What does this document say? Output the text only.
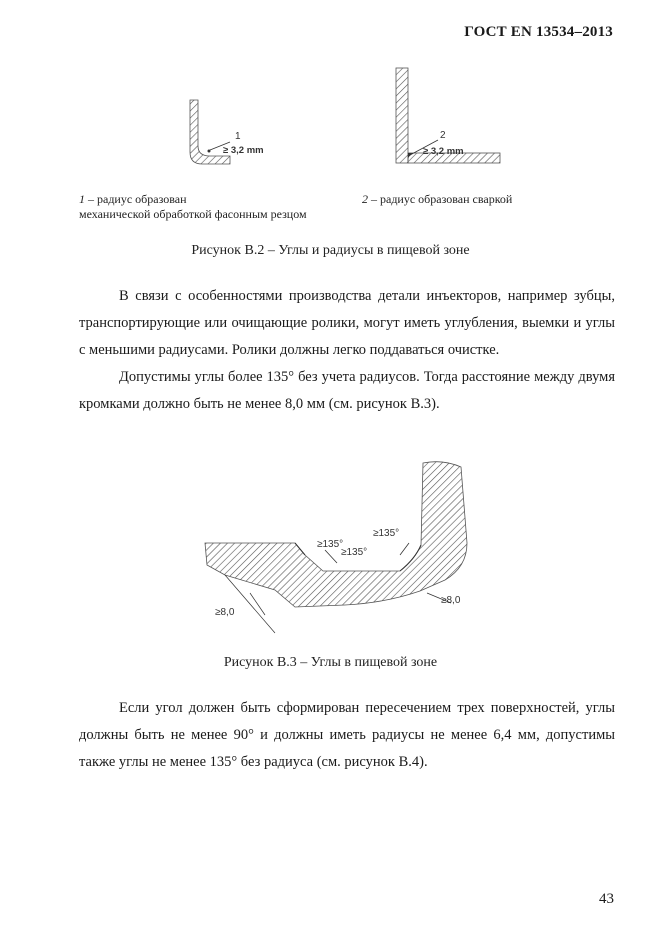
ГОСТ EN 13534–2013
1
≥ 3,2 mm
2
≥ 3,2 mm
1 – радиус образован
механической обработкой фасонным резцом
2 – радиус образован сваркой
Рисунок В.2 – Углы и радиусы в пищевой зоне

В связи с особенностями производства детали инъекторов, например зубцы, транспортирующие или очищающие ролики, могут иметь углубления, выемки и углы с меньшими радиусами. Ролики должны легко поддаваться очистке.

Допустимы углы более 135° без учета радиусов. Тогда расстояние между двумя кромками должно быть не менее 8,0 мм (см. рисунок В.3).

≥135°
≥135°
≥135°
≥8,0
≥8,0
Рисунок В.3 – Углы в пищевой зоне

Если угол должен быть сформирован пересечением трех поверхностей, углы должны быть не менее 90° и должны иметь радиусы не менее 6,4 мм, допустимы также углы не менее 135° без радиуса (см. рисунок В.4).

43
